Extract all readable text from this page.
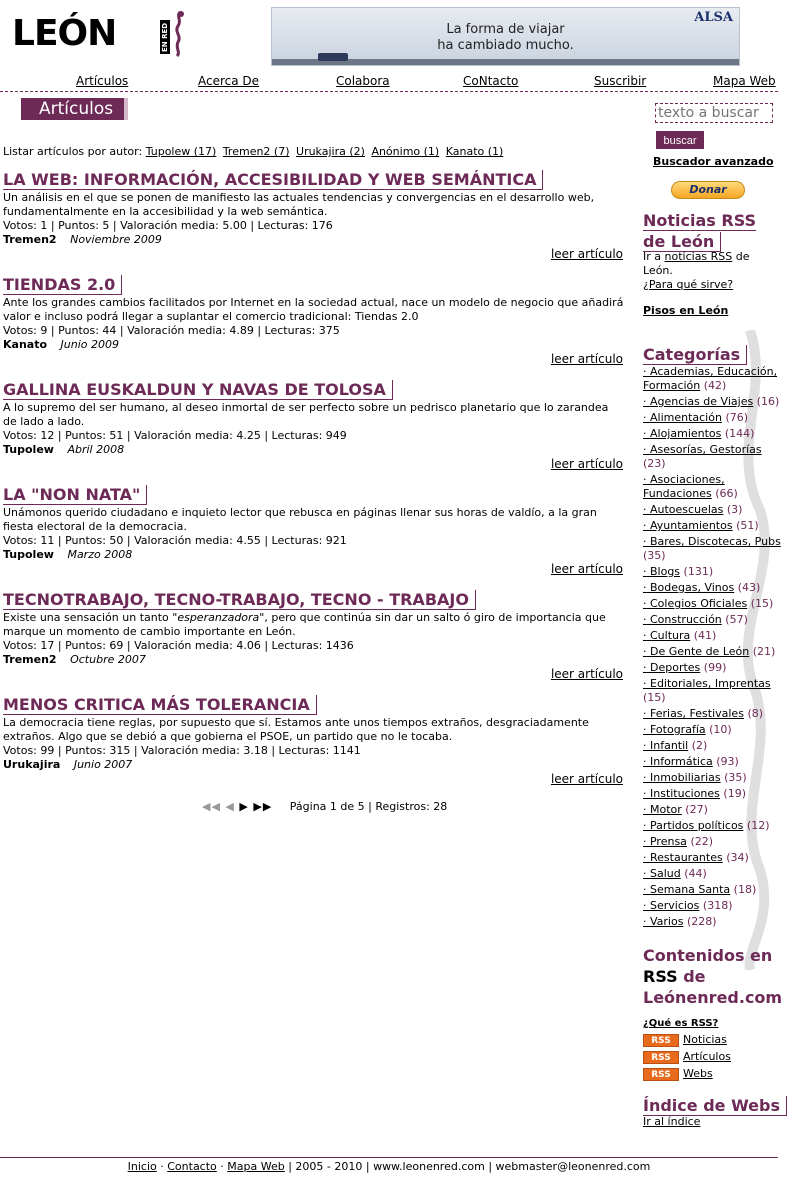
LEÓN	EN RED
ALSA
La forma de viajar
ha cambiado mucho.
Artículos	Acerca De	Colabora	CoNtacto	Suscribir	Mapa Web
Artículos
Listar artículos por autor: Tupolew (17) Tremen2 (7) Urukajira (2) Anónimo (1) Kanato (1)
LA WEB: INFORMACIÓN, ACCESIBILIDAD Y WEB SEMÁNTICA
Un análisis en el que se ponen de manifiesto las actuales tendencias y convergencias en el desarrollo web, fundamentalmente en la accesibilidad y la web semántica.
Votos: 1 | Puntos: 5 | Valoración media: 5.00 | Lecturas: 176
Tremen2 Noviembre 2009
leer artículo
TIENDAS 2.0
Ante los grandes cambios facilitados por Internet en la sociedad actual, nace un modelo de negocio que añadirá valor e incluso podrá llegar a suplantar el comercio tradicional: Tiendas 2.0
Votos: 9 | Puntos: 44 | Valoración media: 4.89 | Lecturas: 375
Kanato Junio 2009
leer artículo
GALLINA EUSKALDUN Y NAVAS DE TOLOSA
A lo supremo del ser humano, al deseo inmortal de ser perfecto sobre un pedrisco planetario que lo zarandea de lado a lado.
Votos: 12 | Puntos: 51 | Valoración media: 4.25 | Lecturas: 949
Tupolew Abril 2008
leer artículo
LA "NON NATA"
Unámonos querido ciudadano e inquieto lector que rebusca en páginas llenar sus horas de valdío, a la gran fiesta electoral de la democracia.
Votos: 11 | Puntos: 50 | Valoración media: 4.55 | Lecturas: 921
Tupolew Marzo 2008
leer artículo
TECNOTRABAJO, TECNO-TRABAJO, TECNO - TRABAJO
Existe una sensación un tanto "esperanzadora", pero que continúa sin dar un salto ó giro de importancia que marque un momento de cambio importante en León.
Votos: 17 | Puntos: 69 | Valoración media: 4.06 | Lecturas: 1436
Tremen2 Octubre 2007
leer artículo
MENOS CRITICA MÁS TOLERANCIA
La democracia tiene reglas, por supuesto que sí. Estamos ante unos tiempos extraños, desgraciadamente extraños. Algo que se debió a que gobierna el PSOE, un partido que no le tocaba.
Votos: 99 | Puntos: 315 | Valoración media: 3.18 | Lecturas: 1141
Urukajira Junio 2007
leer artículo
◀◀ ◀ ▶ ▶▶ Página 1 de 5 | Registros: 28
texto a buscar
buscar
Buscador avanzado
Donar
Noticias RSS de León
Ir a noticias RSS de León.
¿Para qué sirve?
Pisos en León
Categorías
· Academias, Educación, Formación (42)
· Agencias de Viajes (16)
· Alimentación (76)
· Alojamientos (144)
· Asesorías, Gestorías (23)
· Asociaciones, Fundaciones (66)
· Autoescuelas (3)
· Ayuntamientos (51)
· Bares, Discotecas, Pubs (35)
· Blogs (131)
· Bodegas, Vinos (43)
· Colegios Oficiales (15)
· Construcción (57)
· Cultura (41)
· De Gente de León (21)
· Deportes (99)
· Editoriales, Imprentas (15)
· Ferias, Festivales (8)
· Fotografía (10)
· Infantil (2)
· Informática (93)
· Inmobiliarias (35)
· Instituciones (19)
· Motor (27)
· Partidos políticos (12)
· Prensa (22)
· Restaurantes (34)
· Salud (44)
· Semana Santa (18)
· Servicios (318)
· Varios (228)
Contenidos en
RSS de
Leónenred.com
¿Qué es RSS?
RSS Noticias
RSS Artículos
RSS Webs
Índice de Webs
Ir al índice
Inicio · Contacto · Mapa Web | 2005 - 2010 | www.leonenred.com | webmaster@leonenred.com
